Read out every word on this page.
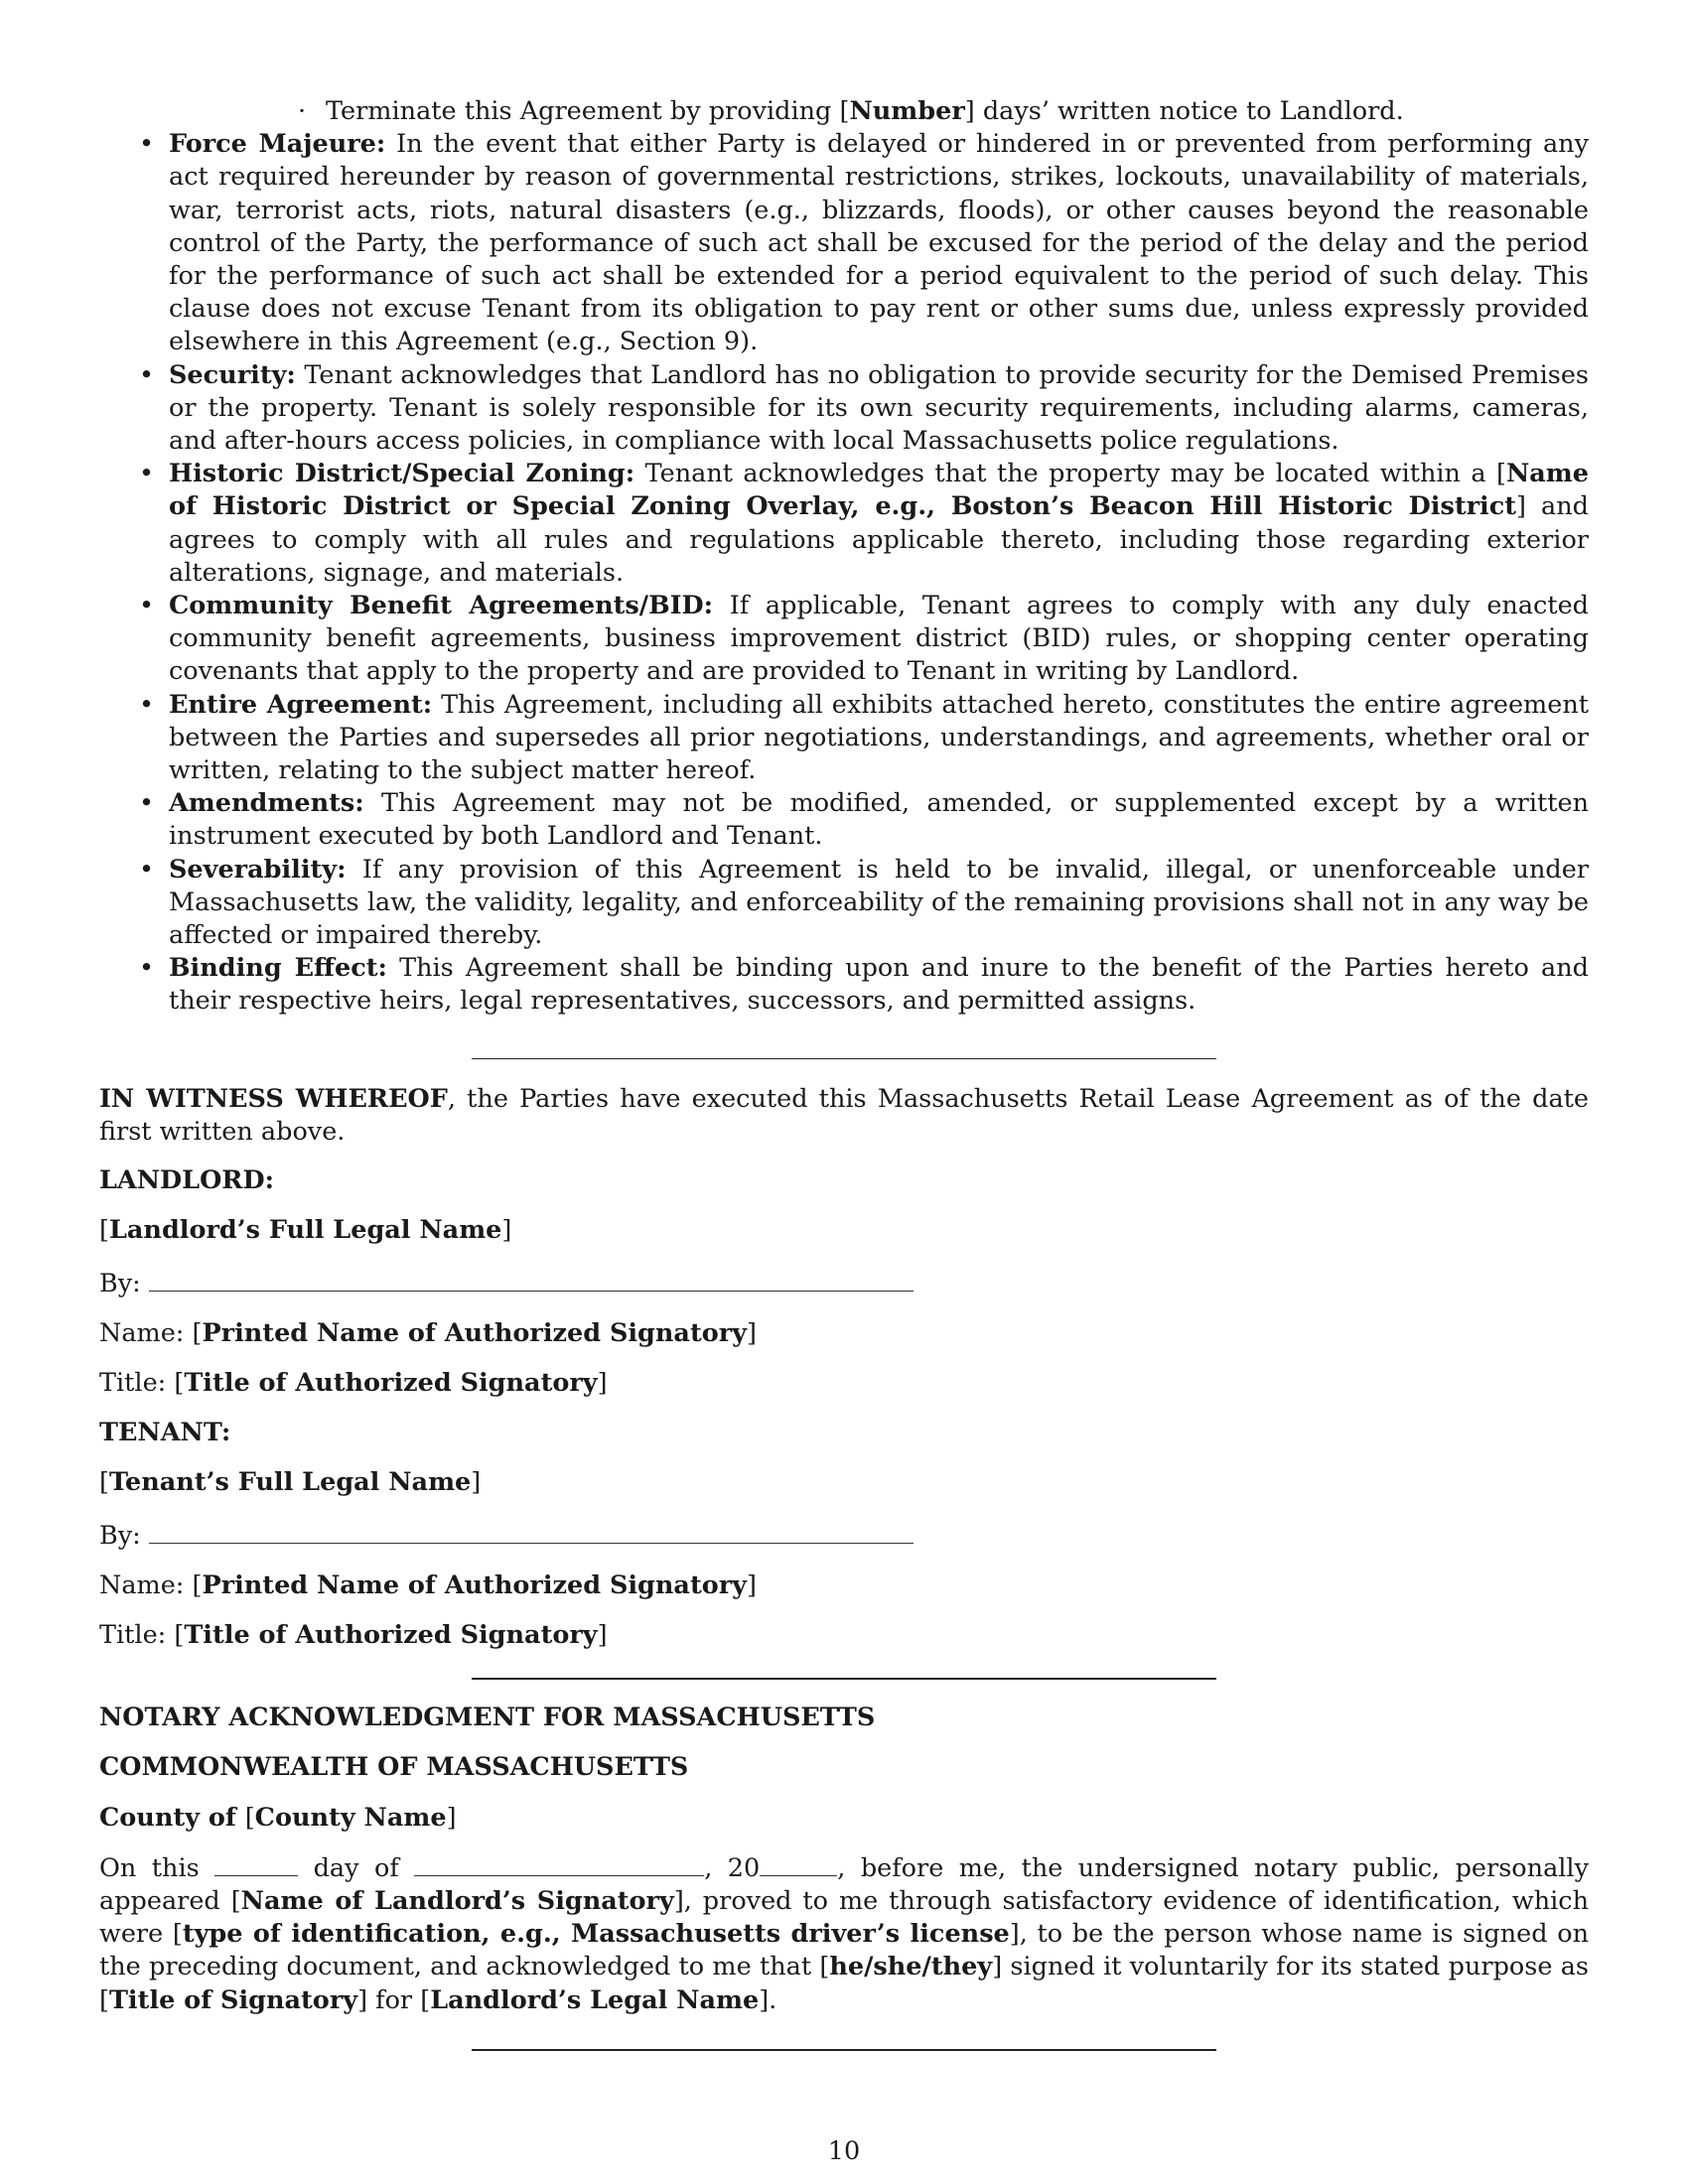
· Terminate this Agreement by providing [Number] days’ written notice to Landlord.
• Force Majeure: In the event that either Party is delayed or hindered in or prevented from performing any act required hereunder by reason of governmental restrictions, strikes, lockouts, unavailability of materials, war, terrorist acts, riots, natural disasters (e.g., blizzards, floods), or other causes beyond the reasonable control of the Party, the performance of such act shall be excused for the period of the delay and the period for the performance of such act shall be extended for a period equivalent to the period of such delay. This clause does not excuse Tenant from its obligation to pay rent or other sums due, unless expressly provided elsewhere in this Agreement (e.g., Section 9).
• Security: Tenant acknowledges that Landlord has no obligation to provide security for the Demised Premises or the property. Tenant is solely responsible for its own security requirements, including alarms, cameras, and after-hours access policies, in compliance with local Massachusetts police regulations.
• Historic District/Special Zoning: Tenant acknowledges that the property may be located within a [Name of Historic District or Special Zoning Overlay, e.g., Boston’s Beacon Hill Historic District] and agrees to comply with all rules and regulations applicable thereto, including those regarding exterior alterations, signage, and materials.
• Community Benefit Agreements/BID: If applicable, Tenant agrees to comply with any duly enacted community benefit agreements, business improvement district (BID) rules, or shopping center operating covenants that apply to the property and are provided to Tenant in writing by Landlord.
• Entire Agreement: This Agreement, including all exhibits attached hereto, constitutes the entire agreement between the Parties and supersedes all prior negotiations, understandings, and agreements, whether oral or written, relating to the subject matter hereof.
• Amendments: This Agreement may not be modified, amended, or supplemented except by a written instrument executed by both Landlord and Tenant.
• Severability: If any provision of this Agreement is held to be invalid, illegal, or unenforceable under Massachusetts law, the validity, legality, and enforceability of the remaining provisions shall not in any way be affected or impaired thereby.
• Binding Effect: This Agreement shall be binding upon and inure to the benefit of the Parties hereto and their respective heirs, legal representatives, successors, and permitted assigns.

IN WITNESS WHEREOF, the Parties have executed this Massachusetts Retail Lease Agreement as of the date first written above.

LANDLORD:

[Landlord’s Full Legal Name]

By:

Name: [Printed Name of Authorized Signatory]

Title: [Title of Authorized Signatory]

TENANT:

[Tenant’s Full Legal Name]

By:

Name: [Printed Name of Authorized Signatory]

Title: [Title of Authorized Signatory]

NOTARY ACKNOWLEDGMENT FOR MASSACHUSETTS

COMMONWEALTH OF MASSACHUSETTS

County of [County Name]

On this	day of	, 20	, before me, the undersigned notary public, personally appeared [Name of Landlord’s Signatory], proved to me through satisfactory evidence of identification, which were [type of identification, e.g., Massachusetts driver’s license], to be the person whose name is signed on the preceding document, and acknowledged to me that [he/she/they] signed it voluntarily for its stated purpose as [Title of Signatory] for [Landlord’s Legal Name].

10
